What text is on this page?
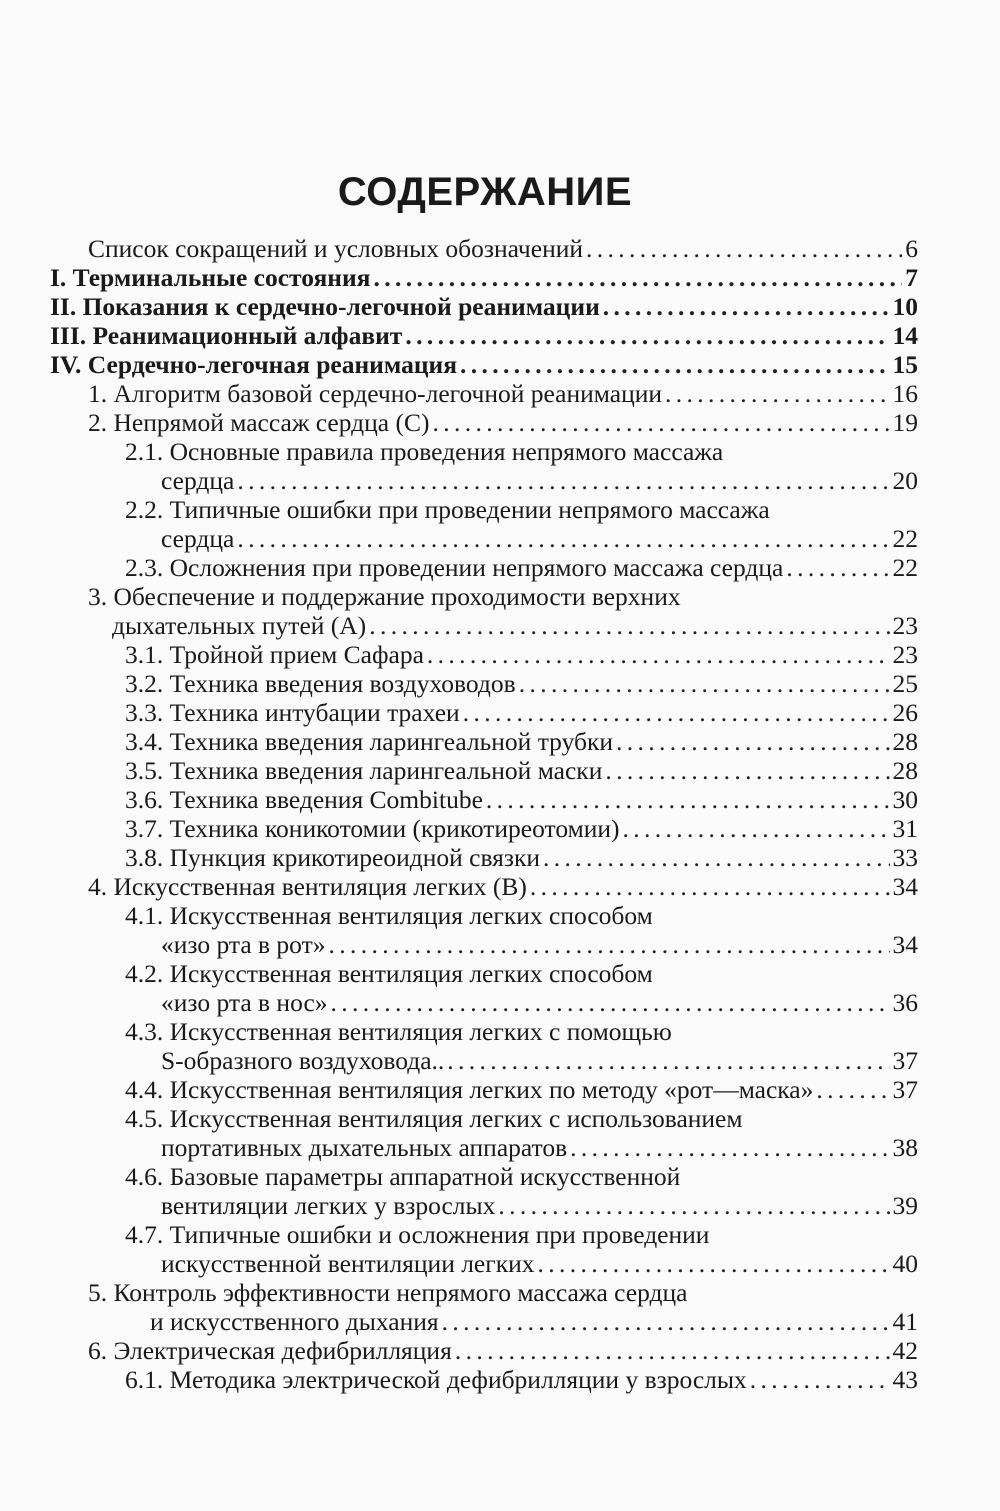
СОДЕРЖАНИЕ
Список сокращений и условных обозначений . . .	6
I. Терминальные состояния . . .	7
II. Показания к сердечно-легочной реанимации . . .	10
III. Реанимационный алфавит . . .	14
IV. Сердечно-легочная реанимация . . .	15
1. Алгоритм базовой сердечно-легочной реанимации . . .	16
2. Непрямой массаж сердца (С) . . .	19
2.1. Основные правила проведения непрямого массажа
сердца . . .	20
2.2. Типичные ошибки при проведении непрямого массажа
сердца . . .	22
2.3. Осложнения при проведении непрямого массажа сердца . . .	22
3. Обеспечение и поддержание проходимости верхних
дыхательных путей (А) . . .	23
3.1. Тройной прием Сафара . . .	23
3.2. Техника введения воздуховодов . . .	25
3.3. Техника интубации трахеи . . .	26
3.4. Техника введения ларингеальной трубки . . .	28
3.5. Техника введения ларингеальной маски . . .	28
3.6. Техника введения Combitube . . .	30
3.7. Техника коникотомии (крикотиреотомии) . . .	31
3.8. Пункция крикотиреоидной связки . . .	33
4. Искусственная вентиляция легких (В) . . .	34
4.1. Искусственная вентиляция легких способом
«изо рта в рот» . . .	34
4.2. Искусственная вентиляция легких способом
«изо рта в нос» . . .	36
4.3. Искусственная вентиляция легких с помощью
S-образного воздуховода.. . . .	37
4.4. Искусственная вентиляция легких по методу «рот—маска» . . .	37
4.5. Искусственная вентиляция легких с использованием
портативных дыхательных аппаратов . . .	38
4.6. Базовые параметры аппаратной искусственной
вентиляции легких у взрослых . . .	39
4.7. Типичные ошибки и осложнения при проведении
искусственной вентиляции легких . . .	40
5. Контроль эффективности непрямого массажа сердца
и искусственного дыхания . . .	41
6. Электрическая дефибрилляция . . .	42
6.1. Методика электрической дефибрилляции у взрослых . . .	43
